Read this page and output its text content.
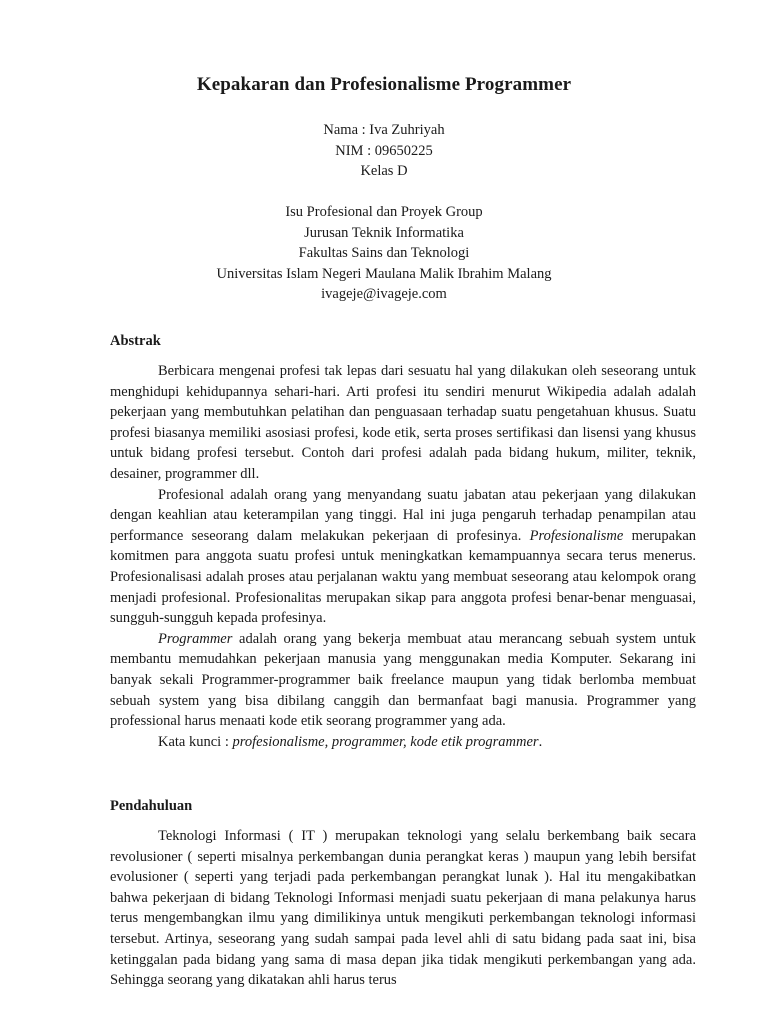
Kepakaran dan Profesionalisme Programmer
Nama : Iva Zuhriyah
NIM : 09650225
Kelas D
Isu Profesional dan Proyek Group
Jurusan Teknik Informatika
Fakultas Sains dan Teknologi
Universitas Islam Negeri Maulana Malik Ibrahim Malang
ivageje@ivageje.com
Abstrak

Berbicara mengenai profesi tak lepas dari sesuatu hal yang dilakukan oleh seseorang untuk menghidupi kehidupannya sehari-hari. Arti profesi itu sendiri menurut Wikipedia adalah adalah pekerjaan yang membutuhkan pelatihan dan penguasaan terhadap suatu pengetahuan khusus. Suatu profesi biasanya memiliki asosiasi profesi, kode etik, serta proses sertifikasi dan lisensi yang khusus untuk bidang profesi tersebut. Contoh dari profesi adalah pada bidang hukum, militer, teknik, desainer, programmer dll.

Profesional adalah orang yang menyandang suatu jabatan atau pekerjaan yang dilakukan dengan keahlian atau keterampilan yang tinggi. Hal ini juga pengaruh terhadap penampilan atau performance seseorang dalam melakukan pekerjaan di profesinya. Profesionalisme merupakan komitmen para anggota suatu profesi untuk meningkatkan kemampuannya secara terus menerus. Profesionalisasi adalah proses atau perjalanan waktu yang membuat seseorang atau kelompok orang menjadi profesional. Profesionalitas merupakan sikap para anggota profesi benar-benar menguasai, sungguh-sungguh kepada profesinya.

Programmer adalah orang yang bekerja membuat atau merancang sebuah system untuk membantu memudahkan pekerjaan manusia yang menggunakan media Komputer. Sekarang ini banyak sekali Programmer-programmer baik freelance maupun yang tidak berlomba membuat sebuah system yang bisa dibilang canggih dan bermanfaat bagi manusia. Programmer yang professional harus menaati kode etik seorang programmer yang ada.

Kata kunci : profesionalisme, programmer, kode etik programmer.

Pendahuluan

Teknologi Informasi ( IT ) merupakan teknologi yang selalu berkembang baik secara revolusioner ( seperti misalnya perkembangan dunia perangkat keras ) maupun yang lebih bersifat evolusioner ( seperti yang terjadi pada perkembangan perangkat lunak ). Hal itu mengakibatkan bahwa pekerjaan di bidang Teknologi Informasi menjadi suatu pekerjaan di mana pelakunya harus terus mengembangkan ilmu yang dimilikinya untuk mengikuti perkembangan teknologi informasi tersebut. Artinya, seseorang yang sudah sampai pada level ahli di satu bidang pada saat ini, bisa ketinggalan pada bidang yang sama di masa depan jika tidak mengikuti perkembangan yang ada. Sehingga seorang yang dikatakan ahli harus terus
